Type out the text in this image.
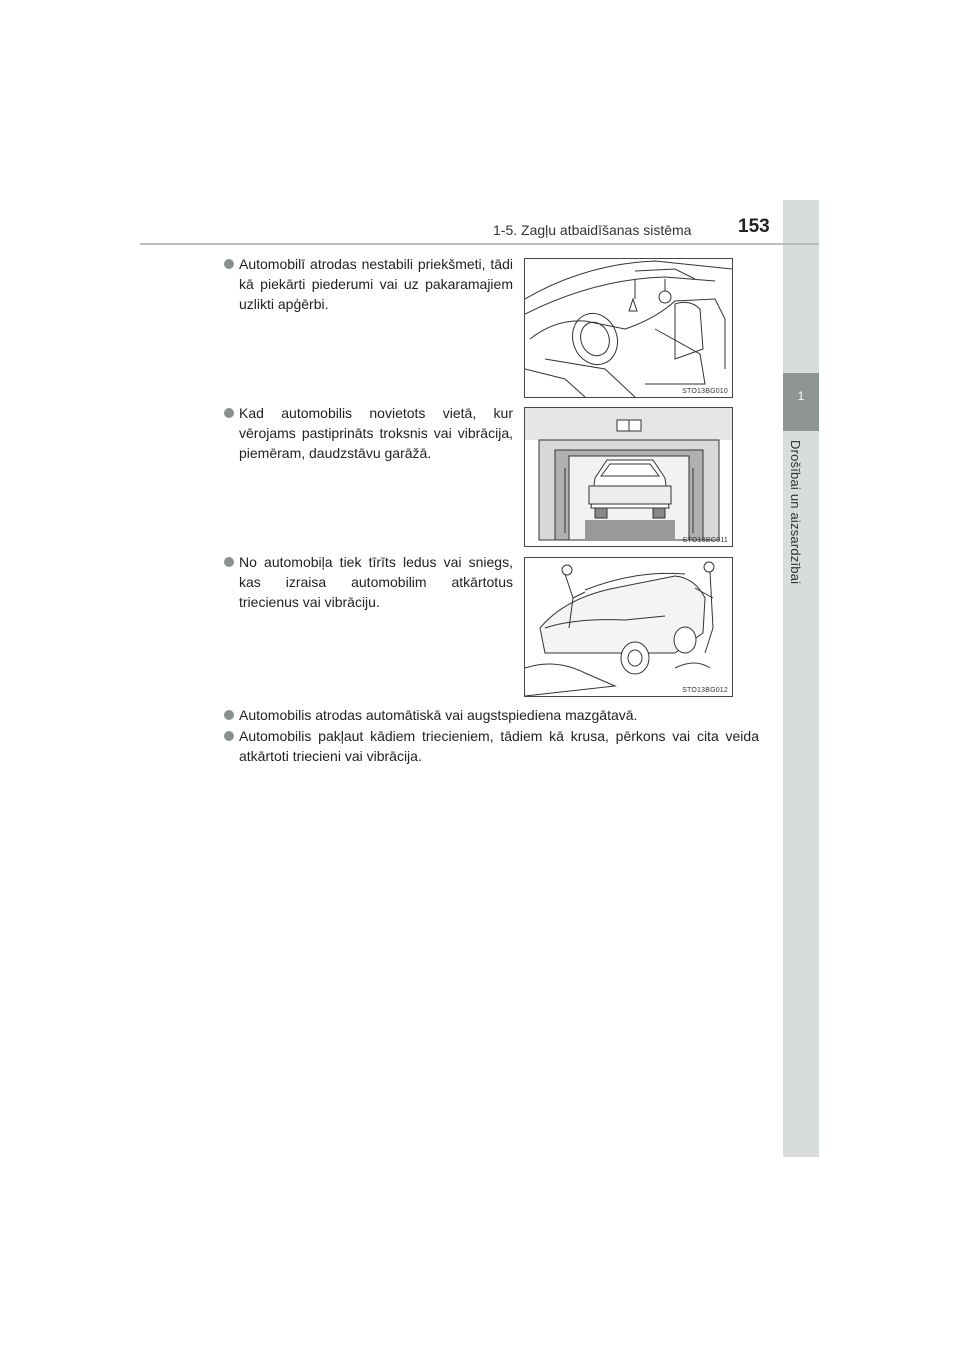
1
Drošībai un aizsardzībai
1-5. Zagļu atbaidīšanas sistēma 153
Automobilī atrodas nestabili priekšmeti, tādi kā piekārti piederumi vai uz pakaramajiem uzlikti apģērbi.
STO13BG010
Kad automobilis novietots vietā, kur vērojams pastiprināts troksnis vai vibrācija, piemēram, daudzstāvu garāžā.
STO13BG011
No automobiļa tiek tīrīts ledus vai sniegs, kas izraisa automobilim atkārtotus triecienus vai vibrāciju.
STO13BG012
Automobilis atrodas automātiskā vai augstspiediena mazgātavā.
Automobilis pakļaut kādiem triecieniem, tādiem kā krusa, pērkons vai cita veida atkārtoti triecieni vai vibrācija.
